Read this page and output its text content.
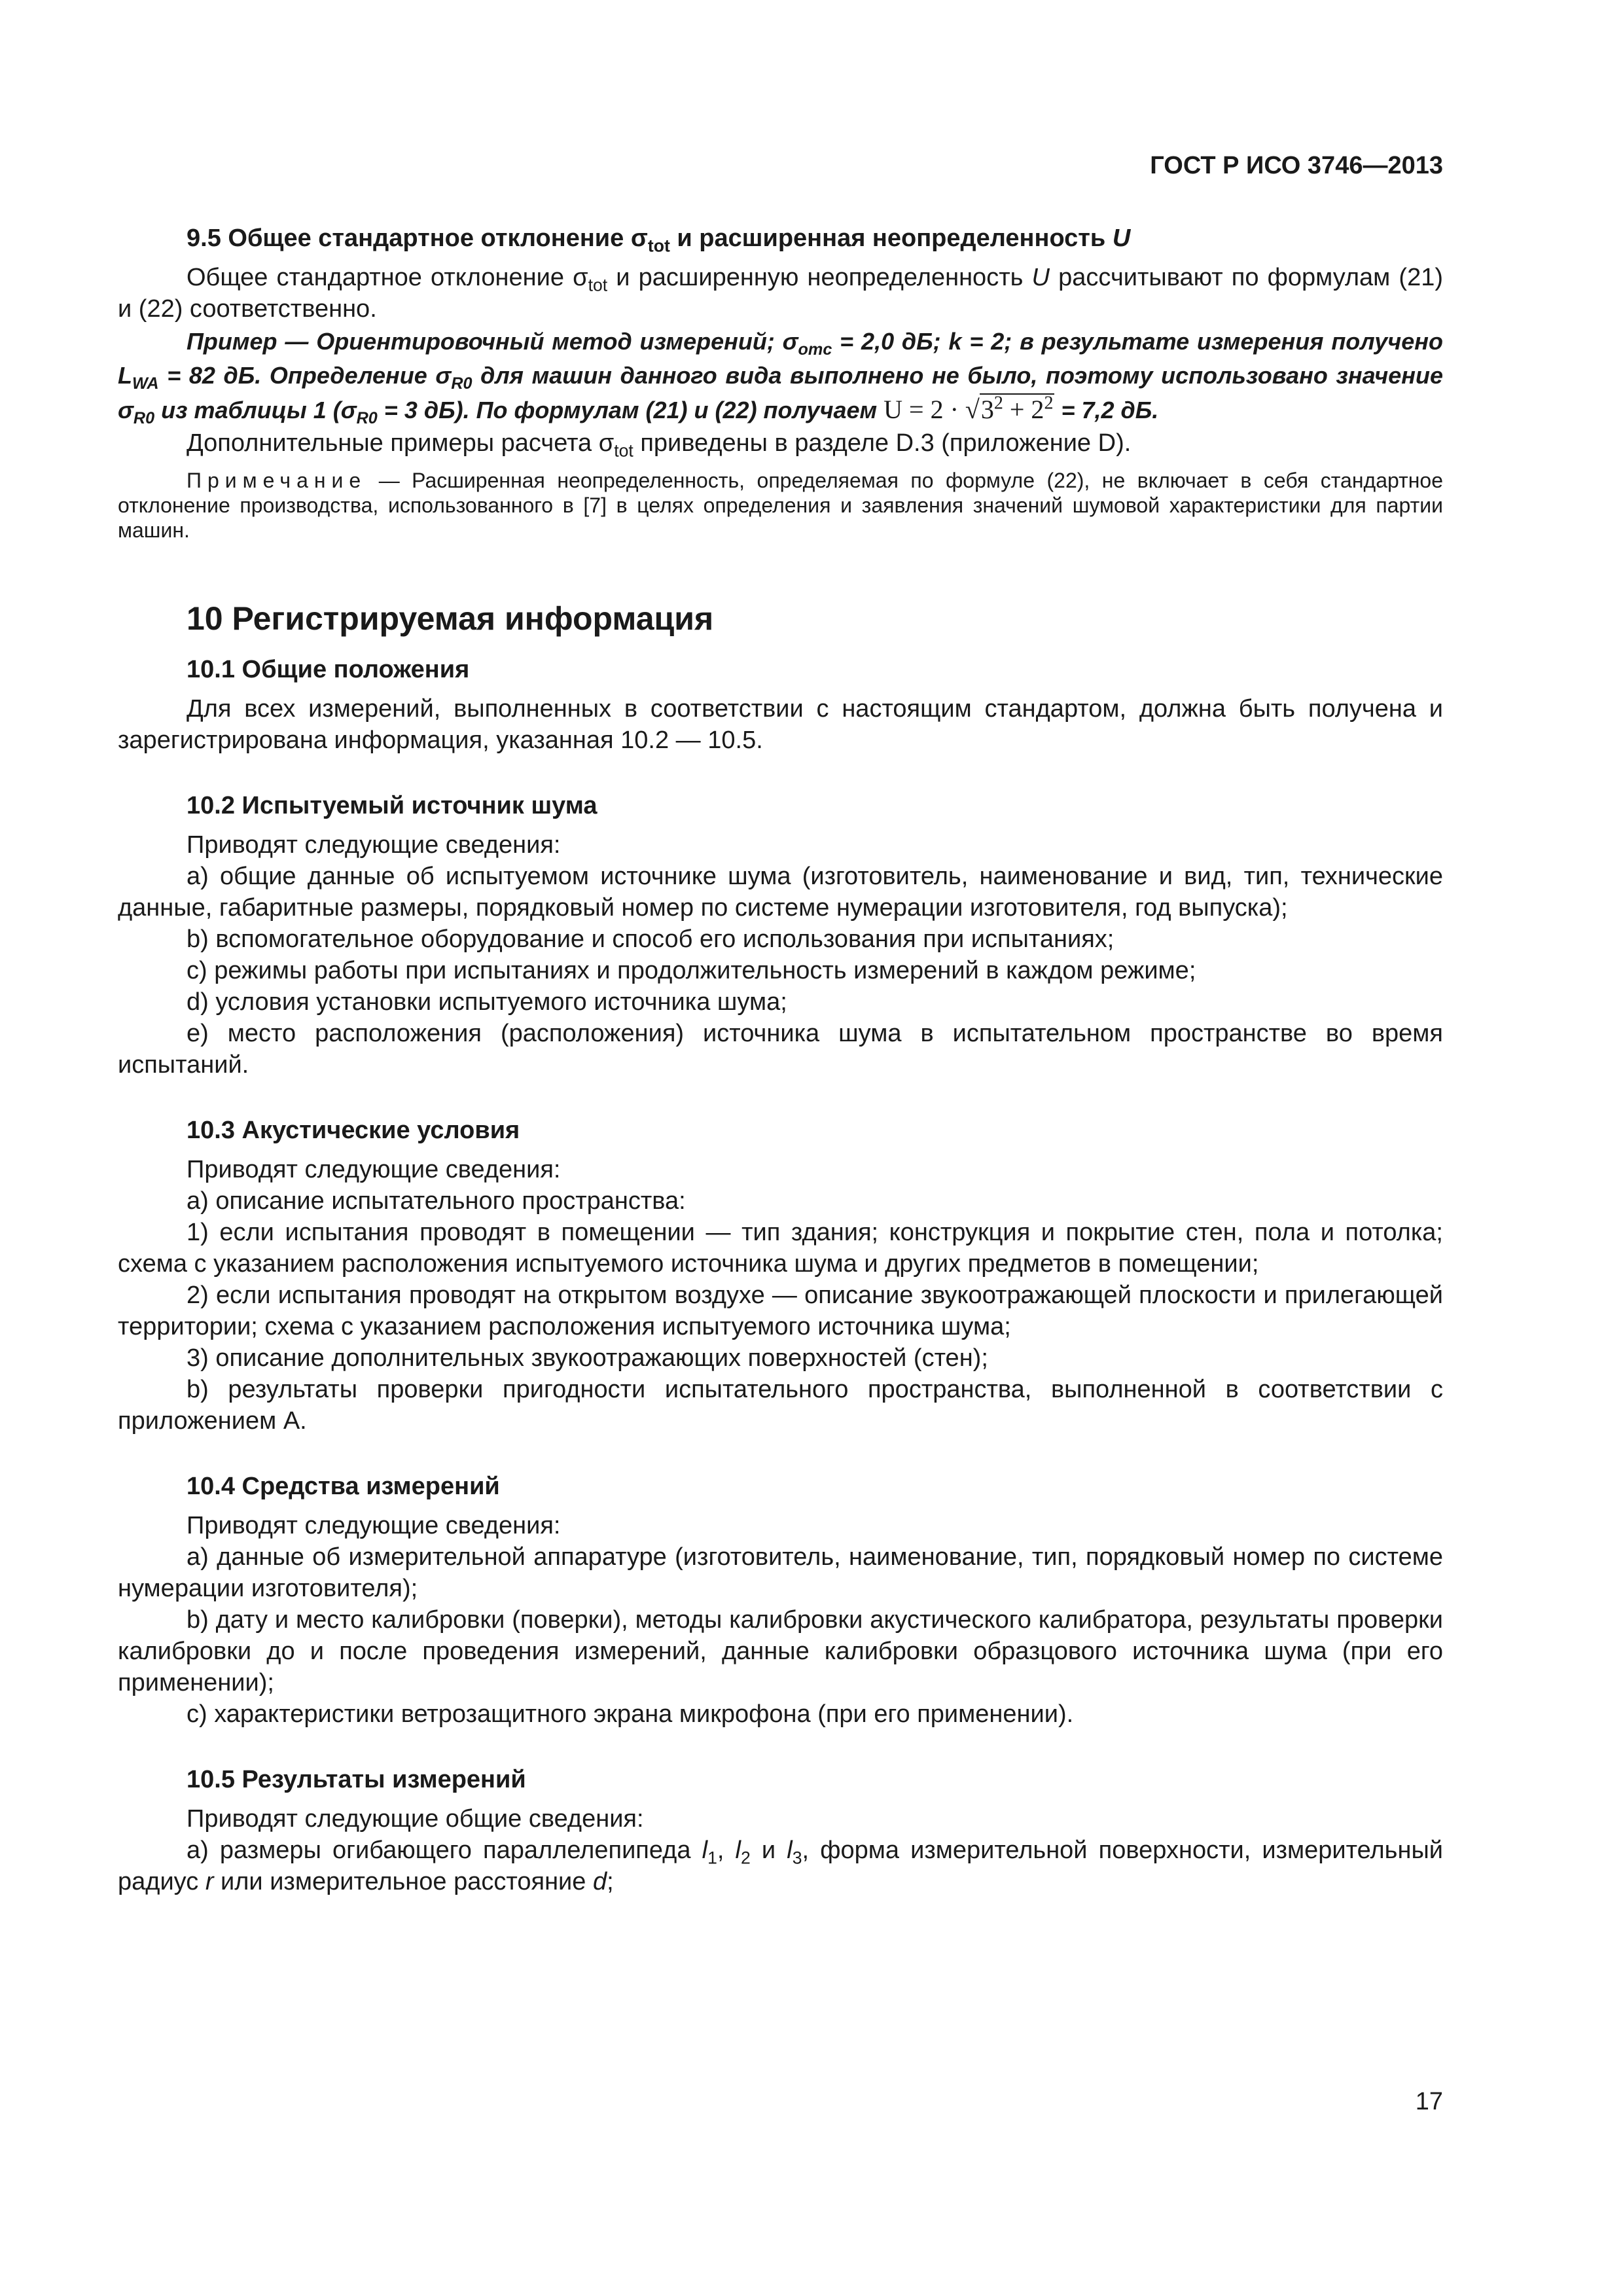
ГОСТ Р ИСО 3746—2013
9.5 Общее стандартное отклонение $\sigma_{tot}$ и расширенная неопределенность U

Общее стандартное отклонение $\sigma_{tot}$ и расширенную неопределенность U рассчитывают по формулам (21) и (22) соответственно.

Пример — Ориентировочный метод измерений; $\sigma_{omc} = 2,0$ дБ; k = 2; в результате измерения получено $L_{WA} = 82$ дБ. Определение $\sigma_{R0}$ для машин данного вида выполнено не было, поэтому использовано значение $\sigma_{R0}$ из таблицы 1 ($\sigma_{R0} = 3$ дБ). По формулам (21) и (22) получаем $U = 2 \cdot √3^2 + 2^2 = 7,2$ дБ.

Дополнительные примеры расчета $\sigma_{tot}$ приведены в разделе D.3 (приложение D).

Примечание — Расширенная неопределенность, определяемая по формуле (22), не включает в себя стандартное отклонение производства, использованного в [7] в целях определения и заявления значений шумовой характеристики для партии машин.

10 Регистрируемая информация
10.1 Общие положения

Для всех измерений, выполненных в соответствии с настоящим стандартом, должна быть получена и зарегистрирована информация, указанная 10.2 — 10.5.

10.2 Испытуемый источник шума

Приводят следующие сведения:

a) общие данные об испытуемом источнике шума (изготовитель, наименование и вид, тип, технические данные, габаритные размеры, порядковый номер по системе нумерации изготовителя, год выпуска);

b) вспомогательное оборудование и способ его использования при испытаниях;

c) режимы работы при испытаниях и продолжительность измерений в каждом режиме;

d) условия установки испытуемого источника шума;

e) место расположения (расположения) источника шума в испытательном пространстве во время испытаний.

10.3 Акустические условия

Приводят следующие сведения:

a) описание испытательного пространства:

1) если испытания проводят в помещении — тип здания; конструкция и покрытие стен, пола и потолка; схема с указанием расположения испытуемого источника шума и других предметов в помещении;

2) если испытания проводят на открытом воздухе — описание звукоотражающей плоскости и прилегающей территории; схема с указанием расположения испытуемого источника шума;

3) описание дополнительных звукоотражающих поверхностей (стен);

b) результаты проверки пригодности испытательного пространства, выполненной в соответствии с приложением А.

10.4 Средства измерений

Приводят следующие сведения:

a) данные об измерительной аппаратуре (изготовитель, наименование, тип, порядковый номер по системе нумерации изготовителя);

b) дату и место калибровки (поверки), методы калибровки акустического калибратора, результаты проверки калибровки до и после проведения измерений, данные калибровки образцового источника шума (при его применении);

c) характеристики ветрозащитного экрана микрофона (при его применении).

10.5 Результаты измерений

Приводят следующие общие сведения:

a) размеры огибающего параллелепипеда $l_1$, $l_2$ и $l_3$, форма измерительной поверхности, измерительный радиус r или измерительное расстояние d;

17
